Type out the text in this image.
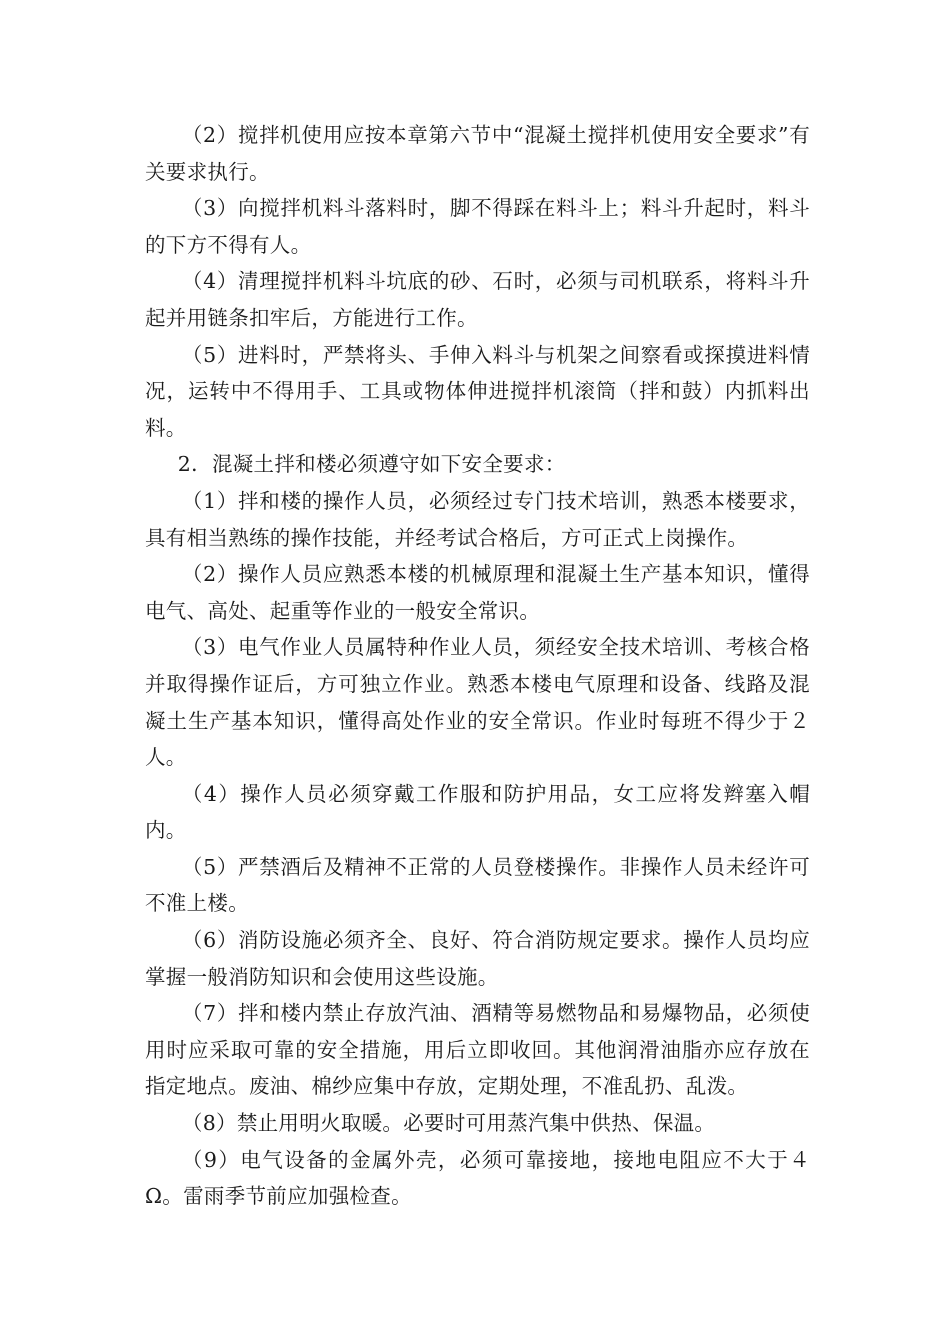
（2）搅拌机使用应按本章第六节中“混凝土搅拌机使用安全要求”有关要求执行。

（3）向搅拌机料斗落料时，脚不得踩在料斗上；料斗升起时，料斗的下方不得有人。

（4）清理搅拌机料斗坑底的砂、石时，必须与司机联系，将料斗升起并用链条扣牢后，方能进行工作。

（5）进料时，严禁将头、手伸入料斗与机架之间察看或探摸进料情况，运转中不得用手、工具或物体伸进搅拌机滚筒（拌和鼓）内抓料出料。

2．混凝土拌和楼必须遵守如下安全要求：

（1）拌和楼的操作人员，必须经过专门技术培训，熟悉本楼要求，具有相当熟练的操作技能，并经考试合格后，方可正式上岗操作。

（2）操作人员应熟悉本楼的机械原理和混凝土生产基本知识，懂得电气、高处、起重等作业的一般安全常识。

（3）电气作业人员属特种作业人员，须经安全技术培训、考核合格并取得操作证后，方可独立作业。熟悉本楼电气原理和设备、线路及混凝土生产基本知识，懂得高处作业的安全常识。作业时每班不得少于２人。

（4）操作人员必须穿戴工作服和防护用品，女工应将发辫塞入帽内。

（5）严禁酒后及精神不正常的人员登楼操作。非操作人员未经许可不准上楼。

（6）消防设施必须齐全、良好、符合消防规定要求。操作人员均应掌握一般消防知识和会使用这些设施。

（7）拌和楼内禁止存放汽油、酒精等易燃物品和易爆物品，必须使用时应采取可靠的安全措施，用后立即收回。其他润滑油脂亦应存放在指定地点。废油、棉纱应集中存放，定期处理，不准乱扔、乱泼。

（8）禁止用明火取暖。必要时可用蒸汽集中供热、保温。

（9）电气设备的金属外壳，必须可靠接地，接地电阻应不大于４Ω。雷雨季节前应加强检查。
